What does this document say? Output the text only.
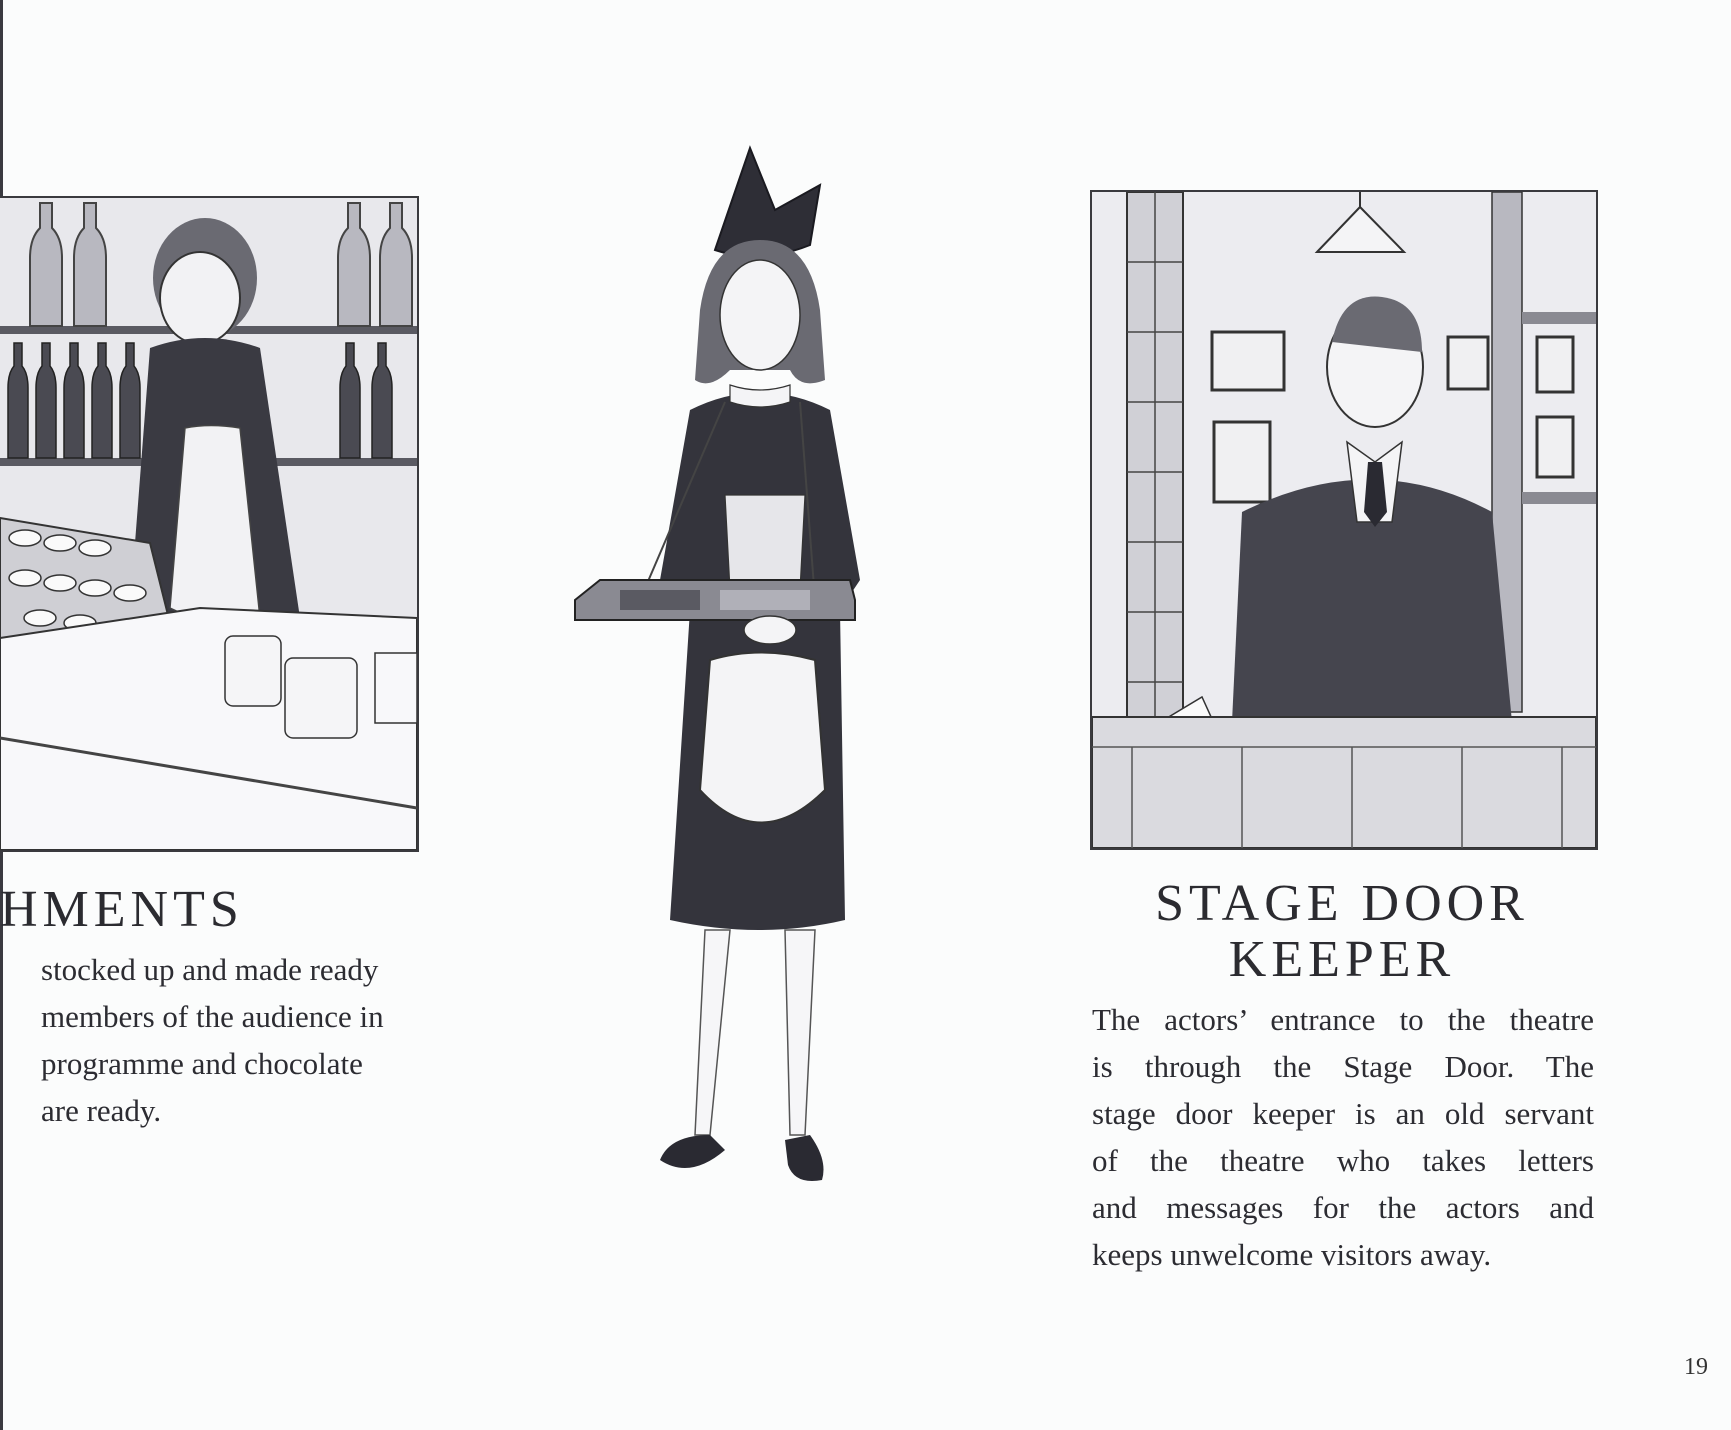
HMENTS
stocked up and made ready
members of the audience in
programme and chocolate
are ready.
STAGE DOOR
KEEPER
The actors’ entrance to the theatre
is through the Stage Door. The
stage door keeper is an old servant
of the theatre who takes letters
and messages for the actors and
keeps unwelcome visitors away.
19
